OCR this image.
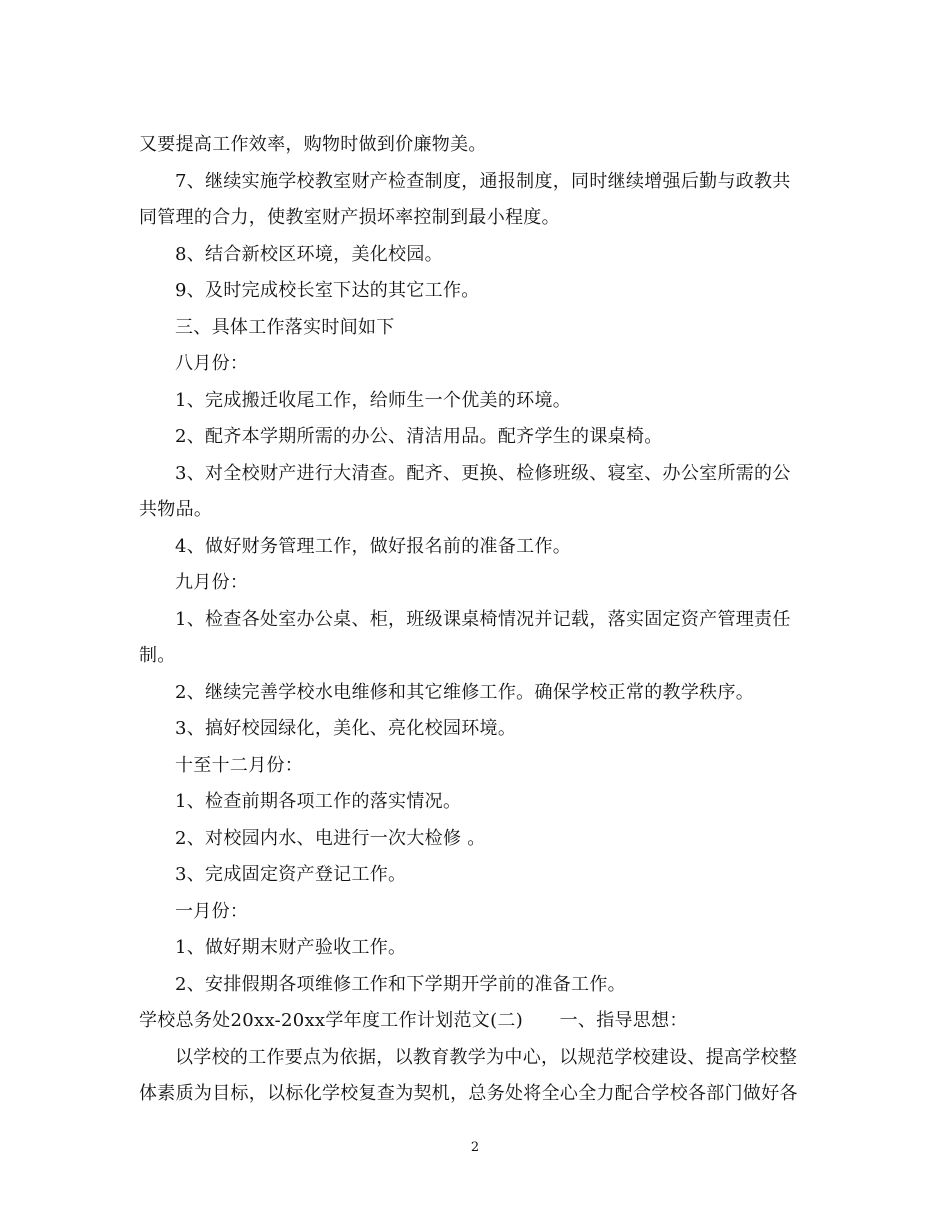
又要提高工作效率，购物时做到价廉物美。
7、继续实施学校教室财产检查制度，通报制度，同时继续增强后勤与政教共
同管理的合力，使教室财产损坏率控制到最小程度。
8、结合新校区环境，美化校园。
9、及时完成校长室下达的其它工作。
三、具体工作落实时间如下
八月份：
1、完成搬迁收尾工作，给师生一个优美的环境。
2、配齐本学期所需的办公、清洁用品。配齐学生的课桌椅。
3、对全校财产进行大清查。配齐、更换、检修班级、寝室、办公室所需的公
共物品。
4、做好财务管理工作，做好报名前的准备工作。
九月份：
1、检查各处室办公桌、柜，班级课桌椅情况并记载，落实固定资产管理责任
制。
2、继续完善学校水电维修和其它维修工作。确保学校正常的教学秩序。
3、搞好校园绿化，美化、亮化校园环境。
十至十二月份：
1、检查前期各项工作的落实情况。
2、对校园内水、电进行一次大检修 。
3、完成固定资产登记工作。
一月份：
1、做好期末财产验收工作。
2、安排假期各项维修工作和下学期开学前的准备工作。
学校总务处20xx-20xx学年度工作计划范文(二)　　一、指导思想：
以学校的工作要点为依据，以教育教学为中心，以规范学校建设、提高学校整
体素质为目标，以标化学校复查为契机，总务处将全心全力配合学校各部门做好各
2
